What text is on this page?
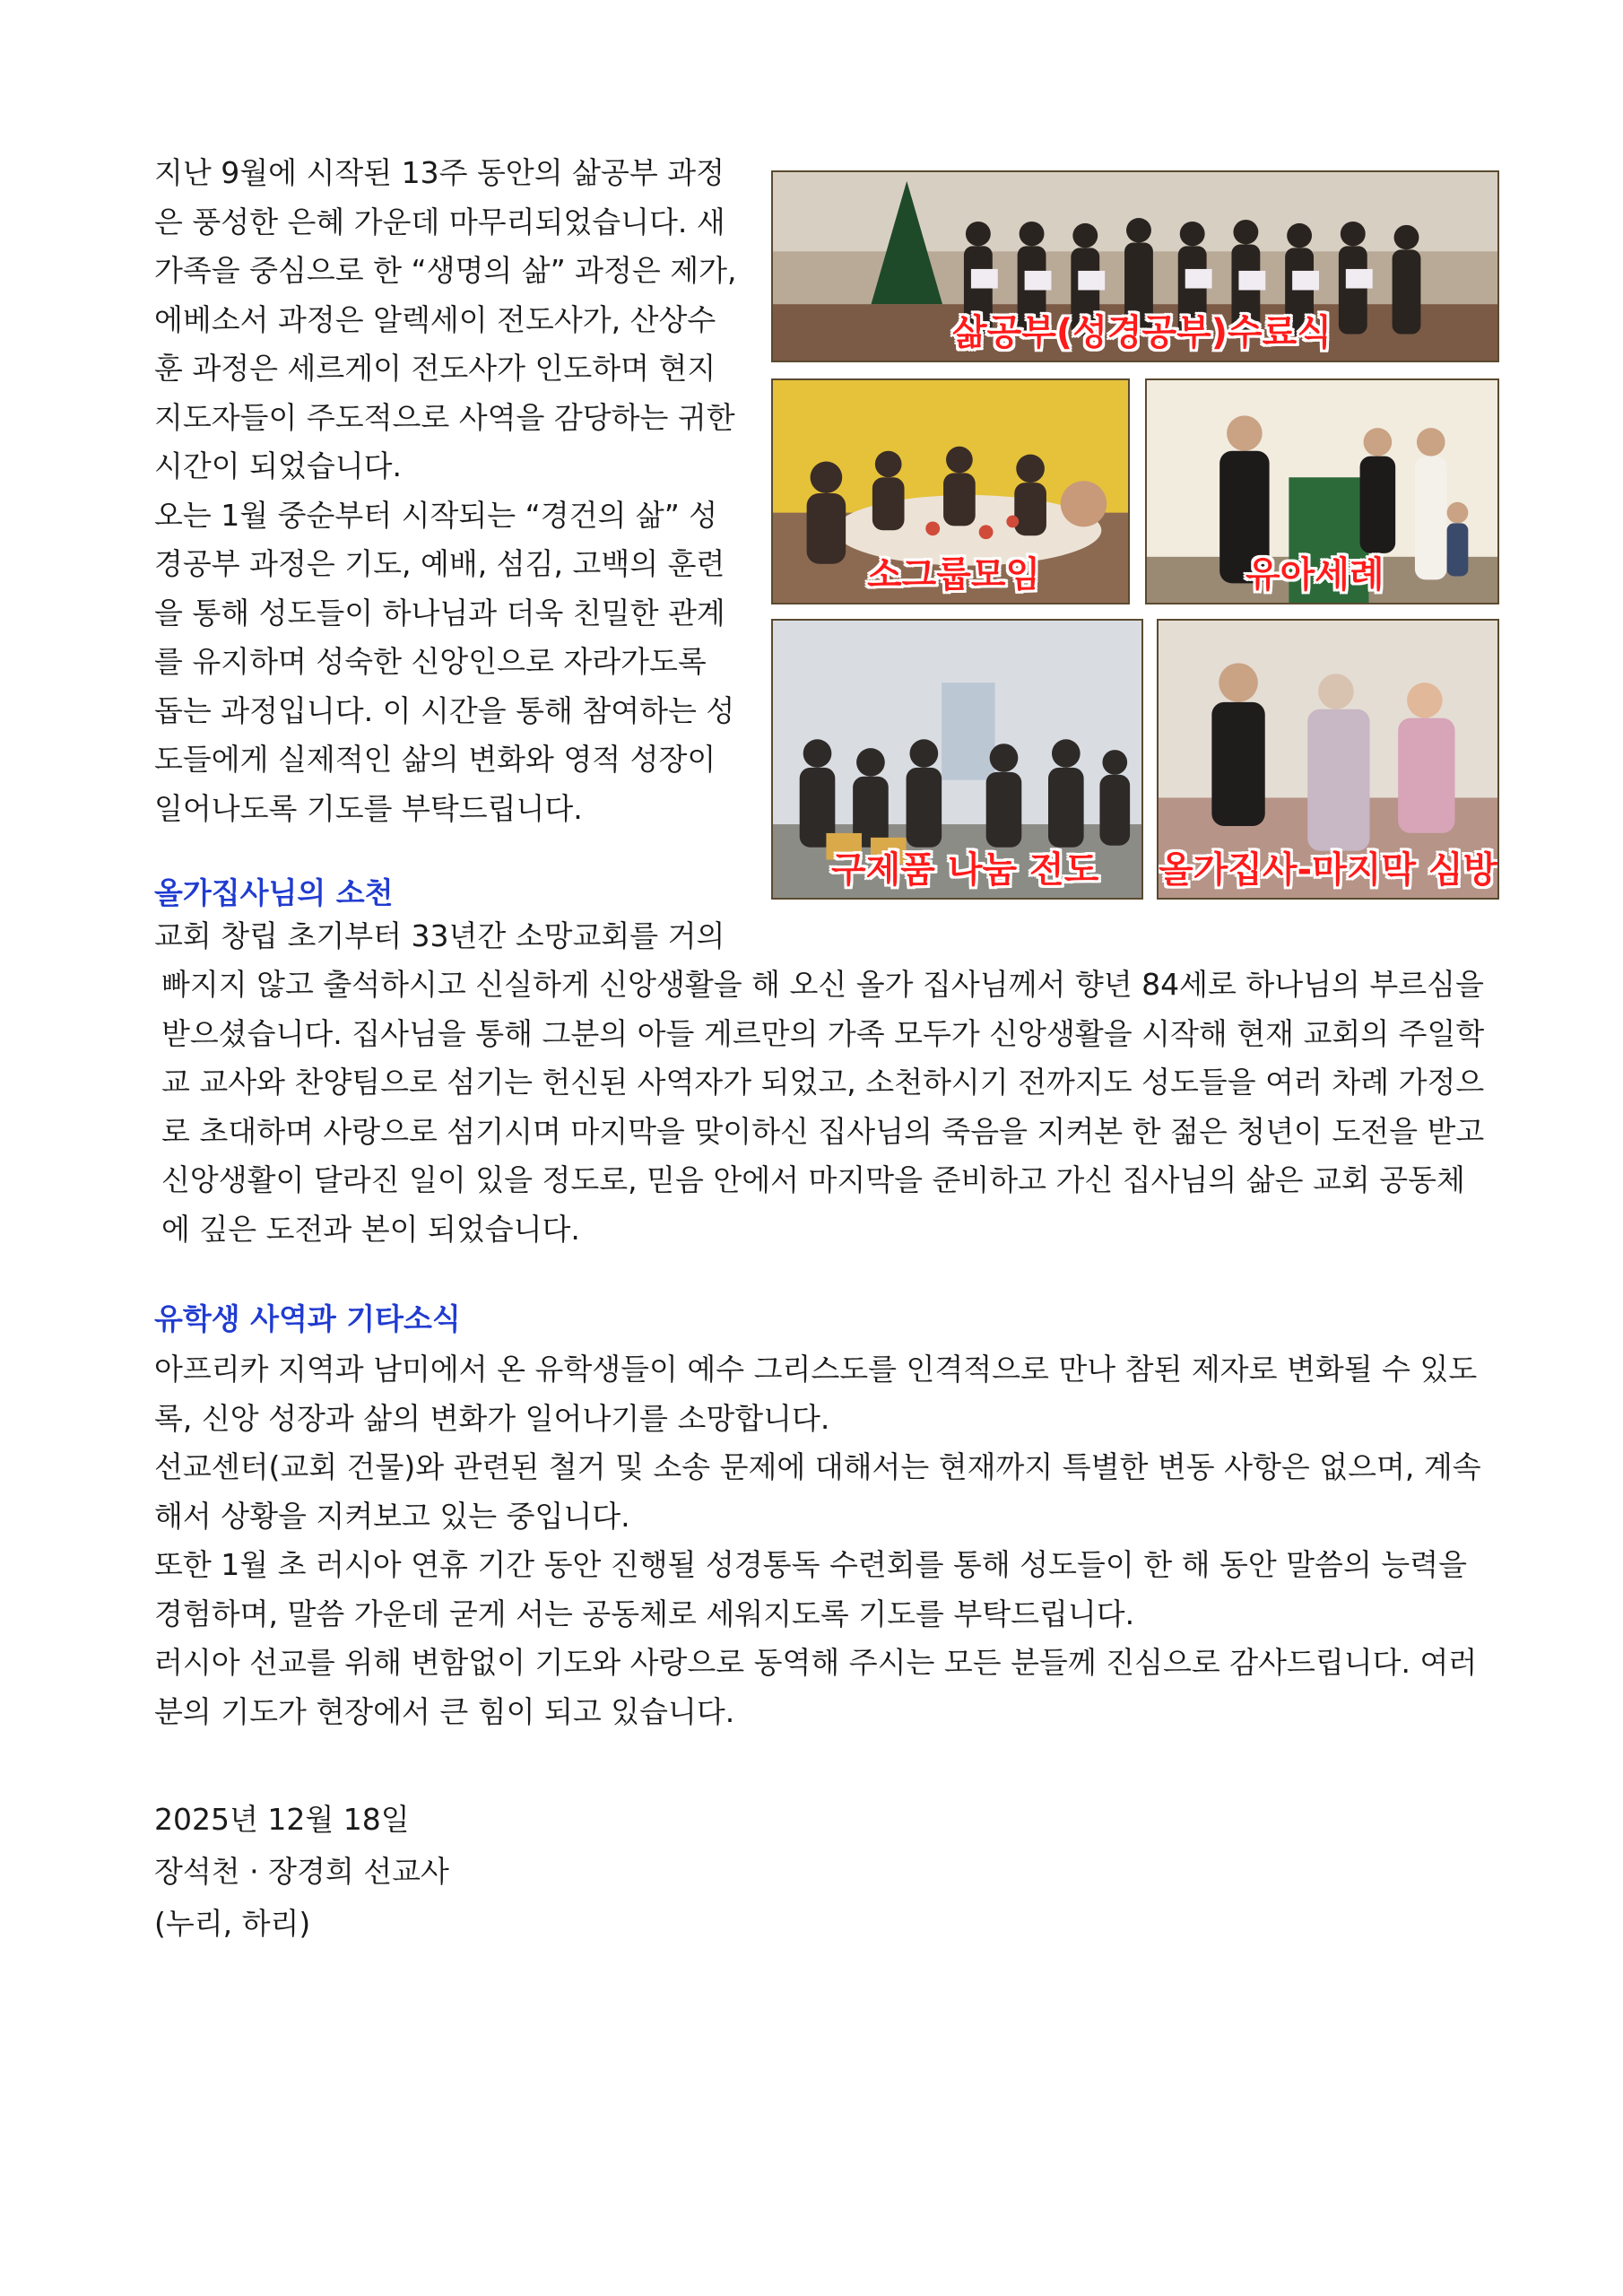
지난 9월에 시작된 13주 동안의 삶공부 과정 은 풍성한 은혜 가운데 마무리되었습니다. 새가족을 중심으로 한 “생명의 삶” 과정은 제가, 에베소서 과정은 알렉세이 전도사가, 산상수훈 과정은 세르게이 전도사가 인도하며 현지 지도자들이 주도적으로 사역을 감당하는 귀한 시간이 되었습니다.

오는 1월 중순부터 시작되는 “경건의 삶” 성경공부 과정은 기도, 예배, 섬김, 고백의 훈련을 통해 성도들이 하나님과 더욱 친밀한 관계를 유지하며 성숙한 신앙인으로 자라가도록 돕는 과정입니다. 이 시간을 통해 참여하는 성도들에게 실제적인 삶의 변화와 영적 성장이 일어나도록 기도를 부탁드립니다.

삶공부(성경공부)수료식
소그룹모임	유아세례
구제품 나눔 전도 올가집사-마지막 심방
올가집사님의 소천

교회 창립 초기부터 33년간 소망교회를 거의

빠지지 않고 출석하시고 신실하게 신앙생활을 해 오신 올가 집사님께서 향년 84세로 하나님의 부르심을 받으셨습니다. 집사님을 통해 그분의 아들 게르만의 가족 모두가 신앙생활을 시작해 현재 교회의 주일학교 교사와 찬양팀으로 섬기는 헌신된 사역자가 되었고, 소천하시기 전까지도 성도들을 여러 차례 가정으로 초대하며 사랑으로 섬기시며 마지막을 맞이하신 집사님의 죽음을 지켜본 한 젊은 청년이 도전을 받고 신앙생활이 달라진 일이 있을 정도로, 믿음 안에서 마지막을 준비하고 가신 집사님의 삶은 교회 공동체에 깊은 도전과 본이 되었습니다.

유학생 사역과 기타소식

아프리카 지역과 남미에서 온 유학생들이 예수 그리스도를 인격적으로 만나 참된 제자로 변화될 수 있도록, 신앙 성장과 삶의 변화가 일어나기를 소망합니다.

선교센터(교회 건물)와 관련된 철거 및 소송 문제에 대해서는 현재까지 특별한 변동 사항은 없으며, 계속해서 상황을 지켜보고 있는 중입니다.

또한 1월 초 러시아 연휴 기간 동안 진행될 성경통독 수련회를 통해 성도들이 한 해 동안 말씀의 능력을 경험하며, 말씀 가운데 굳게 서는 공동체로 세워지도록 기도를 부탁드립니다.

러시아 선교를 위해 변함없이 기도와 사랑으로 동역해 주시는 모든 분들께 진심으로 감사드립니다. 여러분의 기도가 현장에서 큰 힘이 되고 있습니다.

2025년 12월 18일
장석천 · 장경희 선교사
(누리, 하리)
